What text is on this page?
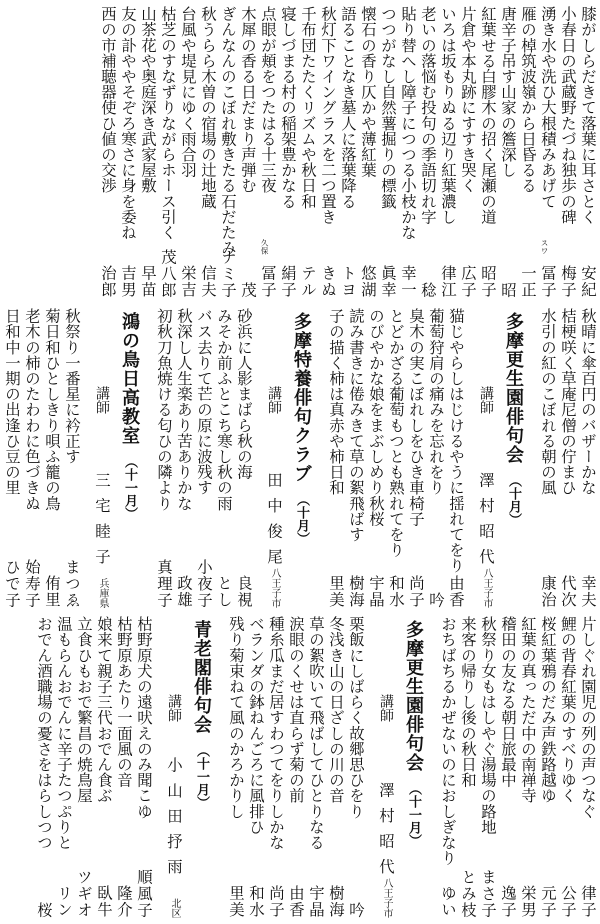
膝がしらだきて落葉に耳さとく
安紀
小春日の武蔵野たづね独歩の碑
梅子
湧き水や洗ひ大根積みあげて
冨子
スワ
雁の棹筑波嶺から日昏るる
一正
唐辛子吊す山家の簷深し
昭
紅葉せる白膠木の招く尾瀬の道
昭子
片倉や本丸跡にすすき哭く
広子
いろは坂もりぬる辺り紅葉濃し
律江
老いの落悩む投句の季語切れ字
稔
貼り替へし障子につつる小枝かな
幸一
つつがなし自然薯掘りの標籤
眞幸
懐石の香り仄かや薄紅葉
悠湖
語ることなき墓人に落葉降る
トヨ
秋灯下ワイングラスを二つ置き
きぬ
千布団たたくリズムや秋日和
テル
寝しづまる村の稲架豊かなる
絹子
点眼が頬をつたはる十三夜
冨子
久保
木犀の香る日だまり声弾む
茂
ぎんなんのこぼれ敷きたる石だたみ
ナミ子
秋うらら木曽の宿場の辻地蔵
信夫
台風や堤見にゆく雨合羽
栄吉
枯芝のすなずりながらホース引く
茂八郎
山茶花や奥庭深き武家屋敷
早苗
友の訃ややそぞろ寒さに身を委ね
吉男
西の市補聴器使ひ値の交渉
治郎
秋晴に傘百円のバザーかな
幸夫
桔梗咲く草庵尼僧の佇まひ
代次
水引の紅のこぼれる朝の風
康治
多摩更生園俳句会
（十月）
講師
澤村昭代
八王子市
猫じやらしはじけるやうに揺れてをり
由香
葡萄狩肩の痛みを忘れをり
吟
臭木の実こぼれしをひき車椅子
尚子
とどかざる葡萄もつとも熟れてをり
和水
のびやかな娘をまぶしめり秋桜
宇晶
読み書きに倦みきて草の絮飛ばす
樹海
子の描く柿は真赤や柿日和
里美
多摩特養俳句クラブ
（十月）
講師
田中俊尾
八王子市
砂浜に人影まばら秋の海
良視
みそか前ふとこち寒し秋の雨
とし
バス去りて芒の原に波残す
小夜子
秋深し人生楽あり苦ありかな
政雄
初秋刀魚焼ける匂ひの隣より
真理子
鴻の鳥日高教室
（十一月）
講師
三宅睦子
兵庫県
秋祭り一番星に衿正す
まつゑ
菊日和ひとしきり唄ふ籠の鳥
侑里
老木の柿のたわわに色づきぬ
始寿子
日和中一期の出逢ひ豆の里
ひで子
片しぐれ園児の列の声つなぐ
律子
鯉の背春紅葉のすべりゆく
公子
桜紅葉鴉のだみ声鉄路越ゆ
元子
紅葉の真っただ中の南禅寺
栄男
稽田の友なる朝日旅最中
逸子
秋祭り女もはしやぐ湯場の路地
まさ子
来客の帰りし後の秋日和
とみ枝
おちばちるかぜないのにおしぎなり
ゆい
多摩更生園俳句会
（十一月）
講師
澤村昭代
八王子市
栗飯にしばらく故郷思ひをり
吟
冬浅き山の日ざしの川の音
樹海
草の絮吹いて飛ばしてひとりなる
宇晶
涙眼のくせは直らず菊の前
由香
種糸瓜まだ居すわつてをりしかな
尚子
ベランダの鉢ねんごろに風排ひ
和水
残り菊束ねて風のかろかりし
里美
青老閣俳句会
（十一月）
講師
小山田抒雨
北区
枯野原犬の遠吠えのみ聞こゆ
順風子
枯野原あたり一面風の音
隆介
娘来て親子三代おでん食ぶ
臥牛
立食ひもおで繁昌の焼鳥屋
ツギオ
温もらんおでんに辛子たつぷりと
リン
おでん酒職場の憂さをはらしつつ
桜
